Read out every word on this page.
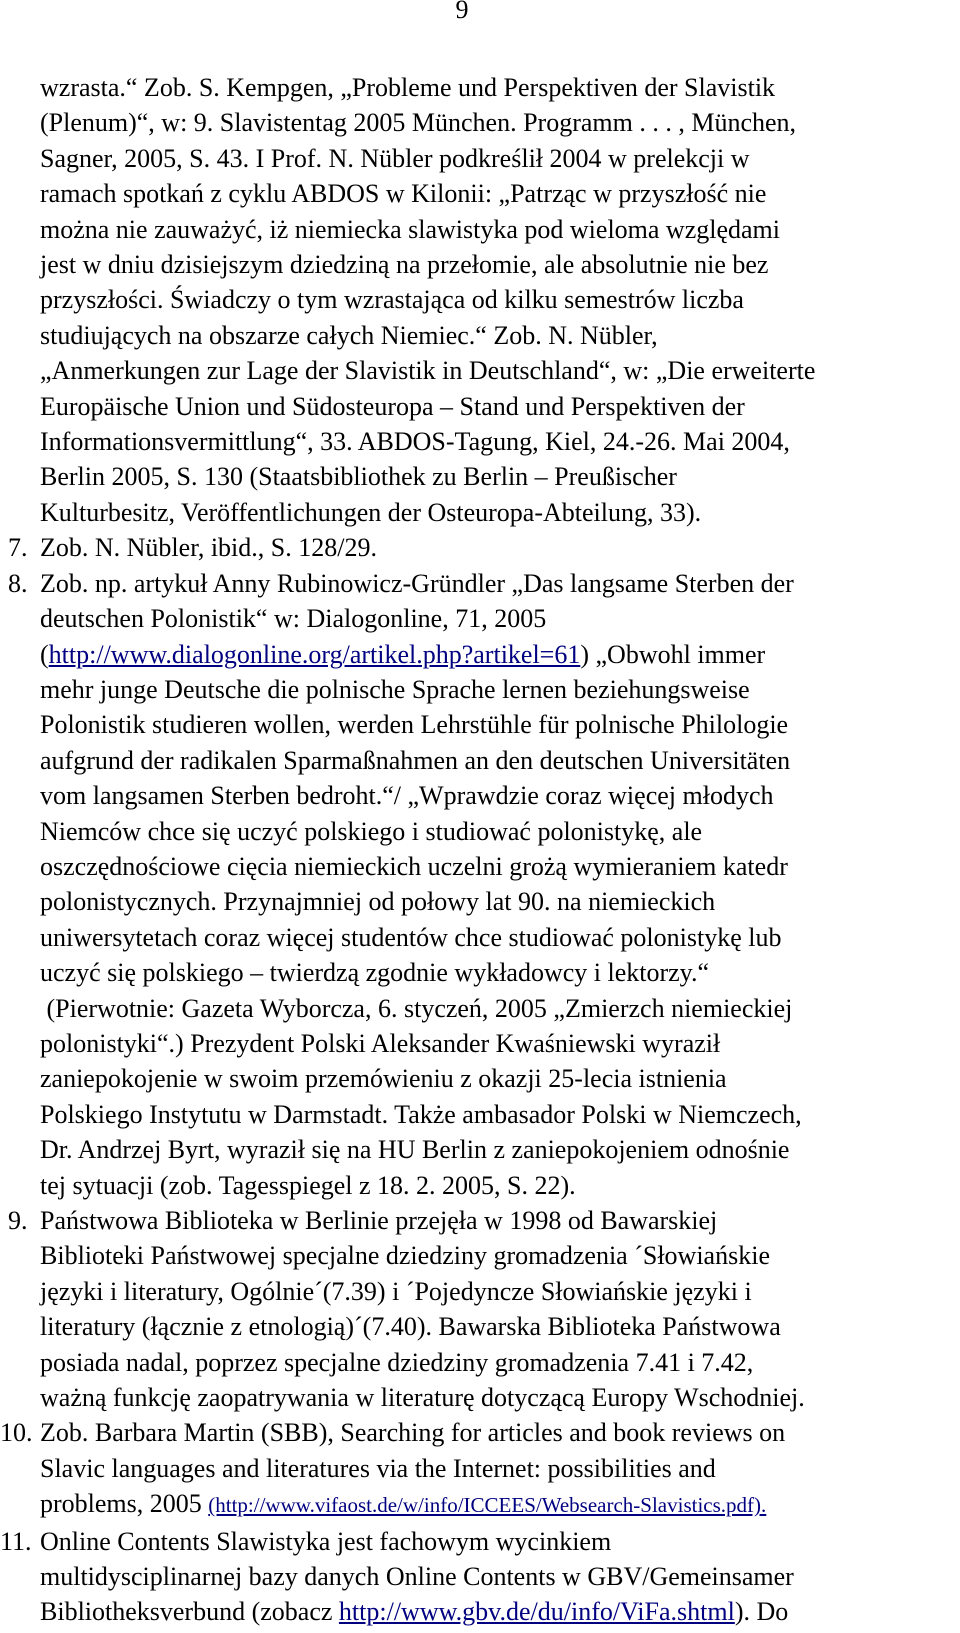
9
wzrasta.“ Zob. S. Kempgen, „Probleme und Perspektiven der Slavistik
(Plenum)“, w: 9. Slavistentag 2005 München. Programm . . . , München,
Sagner, 2005, S. 43. I Prof. N. Nübler podkreślił 2004 w prelekcji w
ramach spotkań z cyklu ABDOS w Kilonii: „Patrząc w przyszłość nie
można nie zauważyć, iż niemiecka slawistyka pod wieloma względami
jest w dniu dzisiejszym dziedziną na przełomie, ale absolutnie nie bez
przyszłości. Świadczy o tym wzrastająca od kilku semestrów liczba
studiujących na obszarze całych Niemiec.“ Zob. N. Nübler,
„Anmerkungen zur Lage der Slavistik in Deutschland“, w: „Die erweiterte
Europäische Union und Südosteuropa – Stand und Perspektiven der
Informationsvermittlung“, 33. ABDOS-Tagung, Kiel, 24.-26. Mai 2004,
Berlin 2005, S. 130 (Staatsbibliothek zu Berlin – Preußischer
Kulturbesitz, Veröffentlichungen der Osteuropa-Abteilung, 33).
7. Zob. N. Nübler, ibid., S. 128/29.
8. Zob. np. artykuł Anny Rubinowicz-Gründler „Das langsame Sterben der
deutschen Polonistik“ w: Dialogonline, 71, 2005
(http://www.dialogonline.org/artikel.php?artikel=61) „Obwohl immer
mehr junge Deutsche die polnische Sprache lernen beziehungsweise
Polonistik studieren wollen, werden Lehrstühle für polnische Philologie
aufgrund der radikalen Sparmaßnahmen an den deutschen Universitäten
vom langsamen Sterben bedroht.“/ „Wprawdzie coraz więcej młodych
Niemców chce się uczyć polskiego i studiować polonistykę, ale
oszczędnościowe cięcia niemieckich uczelni grożą wymieraniem katedr
polonistycznych. Przynajmniej od połowy lat 90. na niemieckich
uniwersytetach coraz więcej studentów chce studiować polonistykę lub
uczyć się polskiego – twierdzą zgodnie wykładowcy i lektorzy.“
(Pierwotnie: Gazeta Wyborcza, 6. styczeń, 2005 „Zmierzch niemieckiej
polonistyki“.) Prezydent Polski Aleksander Kwaśniewski wyraził
zaniepokojenie w swoim przemówieniu z okazji 25-lecia istnienia
Polskiego Instytutu w Darmstadt. Także ambasador Polski w Niemczech,
Dr. Andrzej Byrt, wyraził się na HU Berlin z zaniepokojeniem odnośnie
tej sytuacji (zob. Tagesspiegel z 18. 2. 2005, S. 22).
9. Państwowa Biblioteka w Berlinie przejęła w 1998 od Bawarskiej
Biblioteki Państwowej specjalne dziedziny gromadzenia ´Słowiańskie
języki i literatury, Ogólnie´(7.39) i ´Pojedyncze Słowiańskie języki i
literatury (łącznie z etnologią)´(7.40). Bawarska Biblioteka Państwowa
posiada nadal, poprzez specjalne dziedziny gromadzenia 7.41 i 7.42,
ważną funkcję zaopatrywania w literaturę dotyczącą Europy Wschodniej.
10. Zob. Barbara Martin (SBB), Searching for articles and book reviews on
Slavic languages and literatures via the Internet: possibilities and
problems, 2005 (http://www.vifaost.de/w/info/ICCEES/Websearch-Slavistics.pdf).
11. Online Contents Slawistyka jest fachowym wycinkiem
multidysciplinarnej bazy danych Online Contents w GBV/Gemeinsamer
Bibliotheksverbund (zobacz http://www.gbv.de/du/info/ViFa.shtml). Do
